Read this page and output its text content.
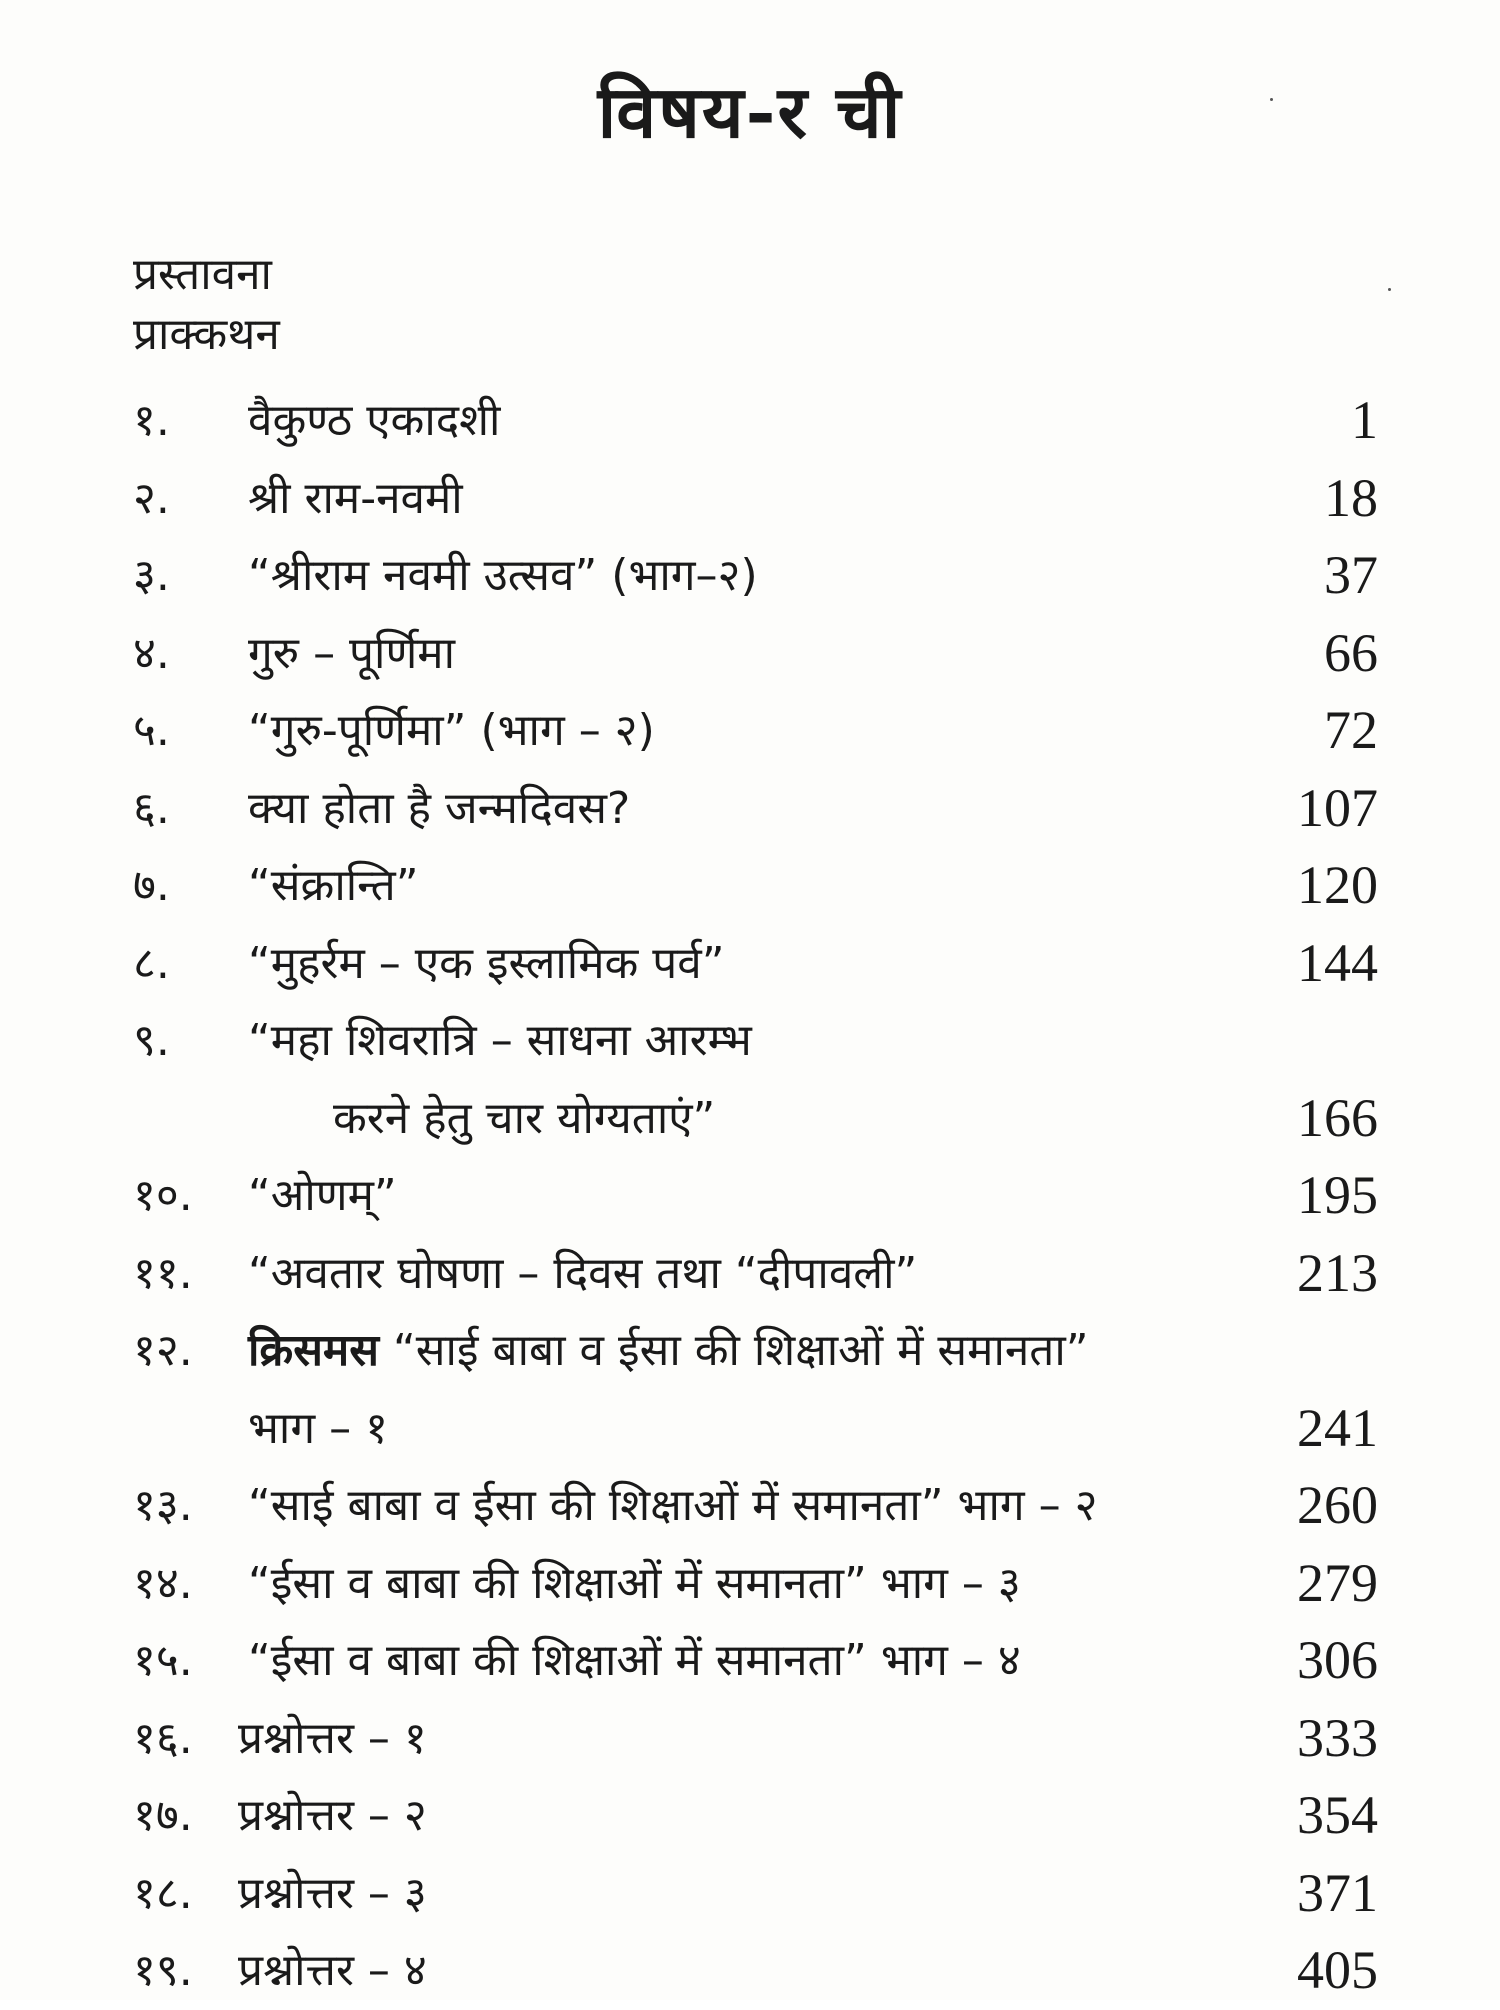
विषय-र ची
प्रस्तावना
प्राक्कथन
१. वैकुण्ठ एकादशी	1
२. श्री राम-नवमी	18
३. “श्रीराम नवमी उत्सव” (भाग–२)	37
४. गुरु – पूर्णिमा	66
५. “गुरु-पूर्णिमा” (भाग – २)	72
६. क्या होता है जन्मदिवस?	107
७. “संक्रान्ति”	120
८. “मुहर्रम – एक इस्लामिक पर्व”	144
९. “महा शिवरात्रि – साधना आरम्भ
करने हेतु चार योग्यताएं”	166
१०. “ओणम्”	195
११. “अवतार घोषणा – दिवस तथा “दीपावली”	213
१२. क्रिसमस “साई बाबा व ईसा की शिक्षाओं में समानता”
भाग – १	241
१३. “साई बाबा व ईसा की शिक्षाओं में समानता” भाग – २	260
१४. “ईसा व बाबा की शिक्षाओं में समानता” भाग – ३	279
१५. “ईसा व बाबा की शिक्षाओं में समानता” भाग – ४	306
१६. प्रश्नोत्तर – १	333
१७. प्रश्नोत्तर – २	354
१८. प्रश्नोत्तर – ३	371
१९. प्रश्नोत्तर – ४	405
